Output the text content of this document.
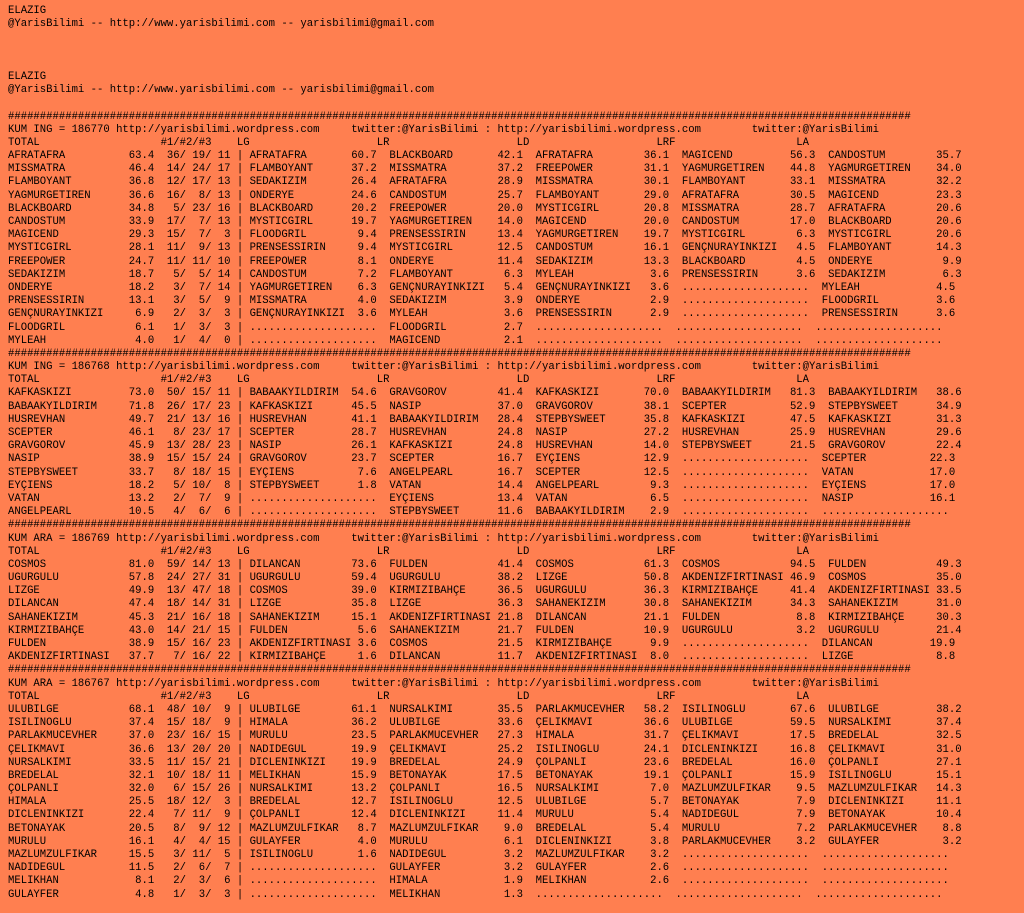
ELAZIG
@YarisBilimi -- http://www.yarisbilimi.com -- yarisbilimi@gmail.com
ELAZIG
@YarisBilimi -- http://www.yarisbilimi.com -- yarisbilimi@gmail.com
##############################################################################################################################################
KUM ING = 186770 http://yarisbilimi.wordpress.com     twitter:@YarisBilimi : http://yarisbilimi.wordpress.com        twitter:@YarisBilimi
TOTAL                   #1/#2/#3    LG                    LR                    LD                    LRF                   LA
AFRATAFRA          63.4  36/ 19/ 11 | AFRATAFRA       60.7  BLACKBOARD       42.1  AFRATAFRA        36.1  MAGICEND         56.3  CANDOSTUM        35.7
MISSMATRA          46.4  14/ 24/ 17 | FLAMBOYANT      37.2  MISSMATRA        37.2  FREEPOWER        31.1  YAGMURGETIREN    44.8  YAGMURGETIREN    34.0
FLAMBOYANT         36.8  12/ 17/ 13 | SEDAKIZIM       26.4  AFRATAFRA        28.9  MISSMATRA        30.1  FLAMBOYANT       33.1  MISSMATRA        32.2
YAGMURGETIREN      36.6  16/  8/ 13 | ÖNDERYE         24.6  CANDOSTUM        25.7  FLAMBOYANT       29.0  AFRATAFRA        30.5  MAGICEND         23.3
BLACKBOARD         34.8   5/ 23/ 16 | BLACKBOARD      20.2  FREEPOWER        20.0  MYSTICGIRL       20.8  MISSMATRA        28.7  AFRATAFRA        20.6
CANDOSTUM          33.9  17/  7/ 13 | MYSTICGIRL      19.7  YAGMURGETIREN    14.0  MAGICEND         20.0  CANDOSTUM        17.0  BLACKBOARD       20.6
MAGICEND           29.3  15/  7/  3 | FLOODGRIL        9.4  PRENSESSIRIN     13.4  YAGMURGETIREN    19.7  MYSTICGIRL        6.3  MYSTICGIRL       20.6
MYSTICGIRL         28.1  11/  9/ 13 | PRENSESSIRIN     9.4  MYSTICGIRL       12.5  CANDOSTUM        16.1  GENÇNURAYINKIZI   4.5  FLAMBOYANT       14.3
FREEPOWER          24.7  11/ 11/ 10 | FREEPOWER        8.1  ÖNDERYE          11.4  SEDAKIZIM        13.3  BLACKBOARD        4.5  ÖNDERYE           9.9
SEDAKIZIM          18.7   5/  5/ 14 | CANDOSTUM        7.2  FLAMBOYANT        6.3  MYLEAH            3.6  PRENSESSIRIN      3.6  SEDAKIZIM         6.3
ÖNDERYE            18.2   3/  7/ 14 | YAGMURGETIREN    6.3  GENÇNURAYINKIZI   5.4  GENÇNURAYINKIZI   3.6  ....................  MYLEAH            4.5
PRENSESSIRIN       13.1   3/  5/  9 | MISSMATRA        4.0  SEDAKIZIM         3.9  ÖNDERYE           2.9  ....................  FLOODGRIL         3.6
GENÇNURAYINKIZI     6.9   2/  3/  3 | GENÇNURAYINKIZI  3.6  MYLEAH            3.6  PRENSESSIRIN      2.9  ....................  PRENSESSIRIN      3.6
FLOODGRIL           6.1   1/  3/  3 | ....................  FLOODGRIL         2.7  ....................  ....................  ....................
MYLEAH              4.0   1/  4/  0 | ....................  MAGICEND          2.1  ....................  ....................  ....................
##############################################################################################################################################
KUM ING = 186768 http://yarisbilimi.wordpress.com     twitter:@YarisBilimi : http://yarisbilimi.wordpress.com        twitter:@YarisBilimi
TOTAL                   #1/#2/#3    LG                    LR                    LD                    LRF                   LA
KAFKASKIZI         73.0  50/ 15/ 11 | BABAAKYILDIRIM  54.6  GRAVGOROV        41.4  KAFKASKIZI       70.0  BABAAKYILDIRIM   81.3  BABAAKYILDIRIM   38.6
BABAAKYILDIRIM     71.8  26/ 17/ 23 | KAFKASKIZI      45.5  NASIP            37.0  GRAVGOROV        38.1  SCEPTER          52.9  STEPBYSWEET      34.9
HÜSREVHAN          49.7  21/ 13/ 16 | HÜSREVHAN       41.1  BABAAKYILDIRIM   28.4  STEPBYSWEET      35.8  KAFKASKIZI       47.5  KAFKASKIZI       31.3
SCEPTER            46.1   8/ 23/ 17 | SCEPTER         28.7  HÜSREVHAN        24.8  NASIP            27.2  HÜSREVHAN        25.9  HÜSREVHAN        29.6
GRAVGOROV          45.9  13/ 28/ 23 | NASIP           26.1  KAFKASKIZI       24.8  HÜSREVHAN        14.0  STEPBYSWEET      21.5  GRAVGOROV        22.4
NASIP              38.9  15/ 15/ 24 | GRAVGOROV       23.7  SCEPTER          16.7  EYÇIENS          12.9  ....................  SCEPTER          22.3
STEPBYSWEET        33.7   8/ 18/ 15 | EYÇIENS          7.6  ANGELPEARL       16.7  SCEPTER          12.5  ....................  VATAN            17.0
EYÇIENS            18.2   5/ 10/  8 | STEPBYSWEET      1.8  VATAN            14.4  ANGELPEARL        9.3  ....................  EYÇIENS          17.0
VATAN              13.2   2/  7/  9 | ....................  EYÇIENS          13.4  VATAN             6.5  ....................  NASIP            16.1
ANGELPEARL         10.5   4/  6/  6 | ....................  STEPBYSWEET      11.6  BABAAKYILDIRIM    2.9  ....................  ....................
##############################################################################################################################################
KUM ARA = 186769 http://yarisbilimi.wordpress.com     twitter:@YarisBilimi : http://yarisbilimi.wordpress.com        twitter:@YarisBilimi
TOTAL                   #1/#2/#3    LG                    LR                    LD                    LRF                   LA
COSMOS             81.0  59/ 14/ 13 | DILANCAN        73.6  FULDEN           41.4  COSMOS           61.3  COSMOS           94.5  FULDEN           49.3
UGURGÜLÜ           57.8  24/ 27/ 31 | UGURGÜLÜ        59.4  UGURGÜLÜ         38.2  LIZGE            50.8  AKDENIZFIRTINASI 46.9  COSMOS           35.0
LIZGE              49.9  13/ 47/ 18 | COSMOS          39.0  KIRMIZIBAHÇE     36.5  UGURGÜLÜ         36.3  KIRMIZIBAHÇE     41.4  AKDENIZFIRTINASI 33.5
DILANCAN           47.4  18/ 14/ 31 | LIZGE           35.8  LIZGE            36.3  SAHANEKIZIM      30.8  SAHANEKIZIM      34.3  SAHANEKIZIM      31.0
SAHANEKIZIM        45.3  21/ 16/ 18 | SAHANEKIZIM     15.1  AKDENIZFIRTINASI 21.8  DILANCAN         21.1  FULDEN            8.8  KIRMIZIBAHÇE     30.3
KIRMIZIBAHÇE       43.0  14/ 21/ 15 | FULDEN           5.6  SAHANEKIZIM      21.7  FULDEN           10.9  UGURGÜLÜ          3.2  UGURGÜLÜ         21.4
FULDEN             38.9  15/ 16/ 23 | AKDENIZFIRTINASI 3.6  COSMOS           21.5  KIRMIZIBAHÇE      9.9  ....................  DILANCAN         19.9
AKDENIZFIRTINASI   37.7   7/ 16/ 22 | KIRMIZIBAHÇE     1.6  DILANCAN         11.7  AKDENIZFIRTINASI  8.0  ....................  LIZGE             8.8
##############################################################################################################################################
KUM ARA = 186767 http://yarisbilimi.wordpress.com     twitter:@YarisBilimi : http://yarisbilimi.wordpress.com        twitter:@YarisBilimi
TOTAL                   #1/#2/#3    LG                    LR                    LD                    LRF                   LA
ULUBILGE           68.1  48/ 10/  9 | ULUBILGE        61.1  NURSALKIMI       35.5  PARLAKMÜCEVHER   58.2  ISILINOGLU       67.6  ULUBILGE         38.2
ISILINOGLU         37.4  15/ 18/  9 | HIMALA          36.2  ULUBILGE         33.6  ÇELIKMAVI        36.6  ULUBILGE         59.5  NURSALKIMI       37.4
PARLAKMÜCEVHER     37.0  23/ 16/ 15 | MÜRÜLÜ          23.5  PARLAKMÜCEVHER   27.3  HIMALA           31.7  ÇELIKMAVI        17.5  BREDELAL         32.5
ÇELIKMAVI          36.6  13/ 20/ 20 | NADIDEGÜL       19.9  ÇELIKMAVI        25.2  ISILINOGLU       24.1  DICLENINKIZI     16.8  ÇELIKMAVI        31.0
NURSALKIMI         33.5  11/ 15/ 21 | DICLENINKIZI    19.9  BREDELAL         24.9  ÇOLPANLI         23.6  BREDELAL         16.0  ÇOLPANLI         27.1
BREDELAL           32.1  10/ 18/ 11 | MELIKHAN        15.9  BETONAYAK        17.5  BETONAYAK        19.1  ÇOLPANLI         15.9  ISILINOGLU       15.1
ÇOLPANLI           32.0   6/ 15/ 26 | NURSALKIMI      13.2  ÇOLPANLI         16.5  NURSALKIMI        7.0  MAZLUMZÜLFIKAR    9.5  MAZLUMZÜLFIKAR   14.3
HIMALA             25.5  18/ 12/  3 | BREDELAL        12.7  ISILINOGLU       12.5  ULUBILGE          5.7  BETONAYAK         7.9  DICLENINKIZI     11.1
DICLENINKIZI       22.4   7/ 11/  9 | ÇOLPANLI        12.4  DICLENINKIZI     11.4  MÜRÜLÜ            5.4  NADIDEGÜL         7.9  BETONAYAK        10.4
BETONAYAK          20.5   8/  9/ 12 | MAZLUMZÜLFIKAR   8.7  MAZLUMZÜLFIKAR    9.0  BREDELAL          5.4  MÜRÜLÜ            7.2  PARLAKMÜCEVHER    8.8
MÜRÜLÜ             16.1   4/  4/ 15 | GÜLAYFER         4.0  MÜRÜLÜ            6.1  DICLENINKIZI      3.8  PARLAKMÜCEVHER    3.2  GÜLAYFER          3.2
MAZLUMZÜLFIKAR     15.5   3/ 11/  5 | ISILINOGLU       1.6  NADIDEGÜL         3.2  MAZLUMZÜLFIKAR    3.2  ....................  ....................
NADIDEGÜL          11.5   2/  6/  7 | ....................  GÜLAYFER          3.2  GÜLAYFER          2.6  ....................  ....................
MELIKHAN            8.1   2/  3/  6 | ....................  HIMALA            1.9  MELIKHAN          2.6  ....................  ....................
GÜLAYFER            4.8   1/  3/  3 | ....................  MELIKHAN          1.3  ....................  ....................  ....................
